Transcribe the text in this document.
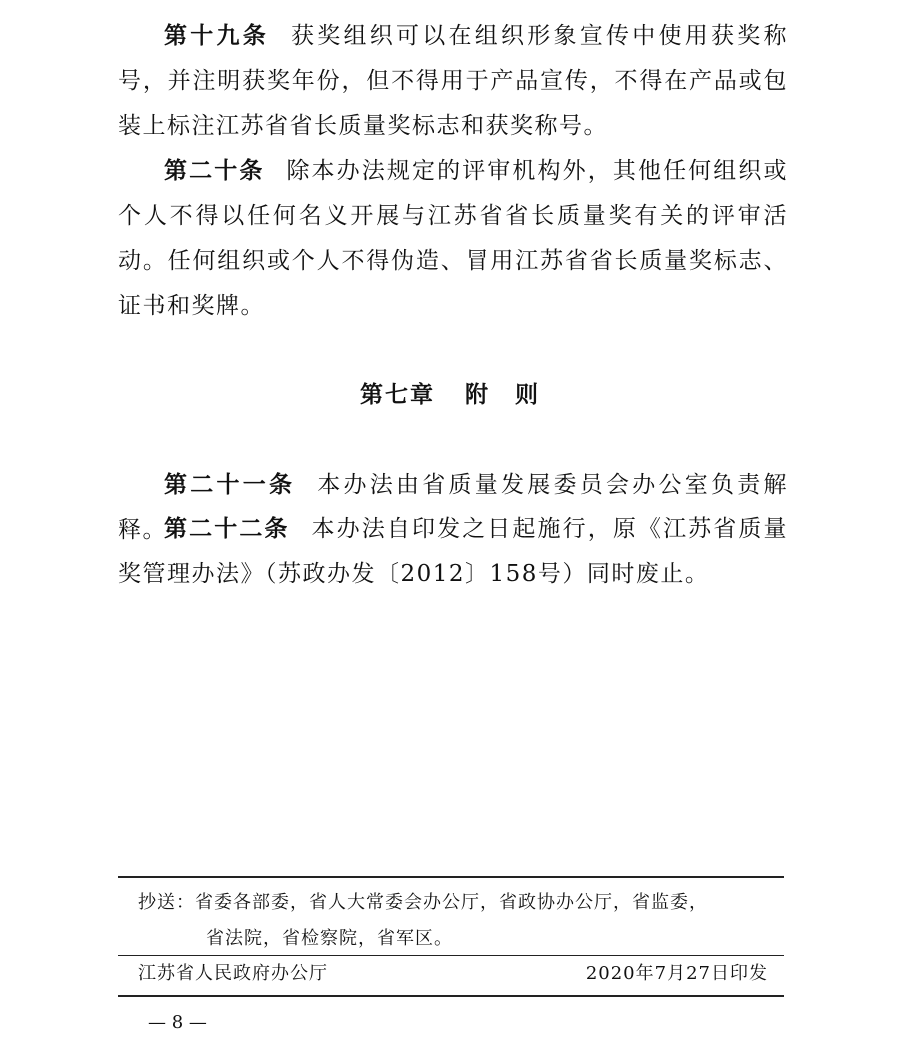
第十九条 获奖组织可以在组织形象宣传中使用获奖称号，并注明获奖年份，但不得用于产品宣传，不得在产品或包装上标注江苏省省长质量奖标志和获奖称号。

第二十条 除本办法规定的评审机构外，其他任何组织或个人不得以任何名义开展与江苏省省长质量奖有关的评审活动。任何组织或个人不得伪造、冒用江苏省省长质量奖标志、证书和奖牌。

第七章 附　则

第二十一条 本办法由省质量发展委员会办公室负责解释。

第二十二条 本办法自印发之日起施行，原《江苏省质量奖管理办法》（苏政办发〔2012〕158号）同时废止。

抄送：省委各部委，省人大常委会办公厅，省政协办公厅，省监委，
省法院，省检察院，省军区。
江苏省人民政府办公厅	2020年7月27日印发
— 8 —
